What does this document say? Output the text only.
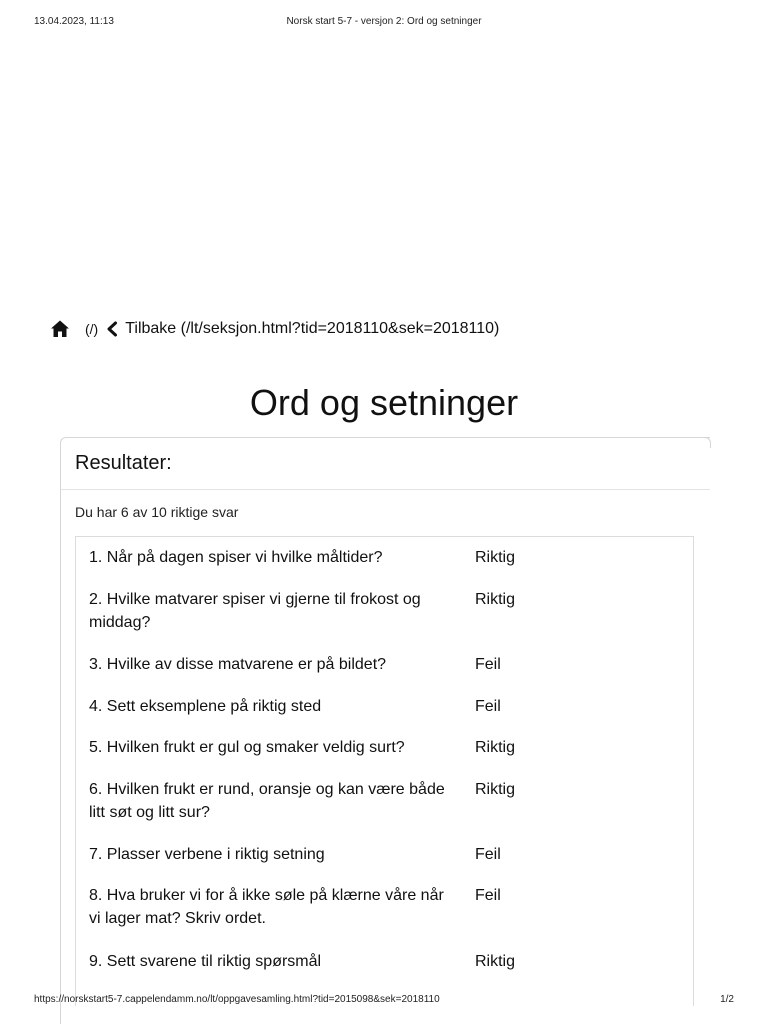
13.04.2023, 11:13	Norsk start 5-7 - versjon 2: Ord og setninger
(/) Tilbake (/lt/seksjon.html?tid=2018110&sek=2018110)
Ord og setninger
Resultater:
Du har 6 av 10 riktige svar
1. Når på dagen spiser vi hvilke måltider?	Riktig
2. Hvilke matvarer spiser vi gjerne til frokost og middag?
Riktig
3. Hvilke av disse matvarene er på bildet?	Feil
4. Sett eksemplene på riktig sted	Feil
5. Hvilken frukt er gul og smaker veldig surt?	Riktig
6. Hvilken frukt er rund, oransje og kan være både litt søt og litt sur?
Riktig
7. Plasser verbene i riktig setning	Feil
8. Hva bruker vi for å ikke søle på klærne våre når vi lager mat? Skriv ordet.
Feil
9. Sett svarene til riktig spørsmål	Riktig
https://norskstart5-7.cappelendamm.no/lt/oppgavesamling.html?tid=2015098&sek=2018110	1/2
